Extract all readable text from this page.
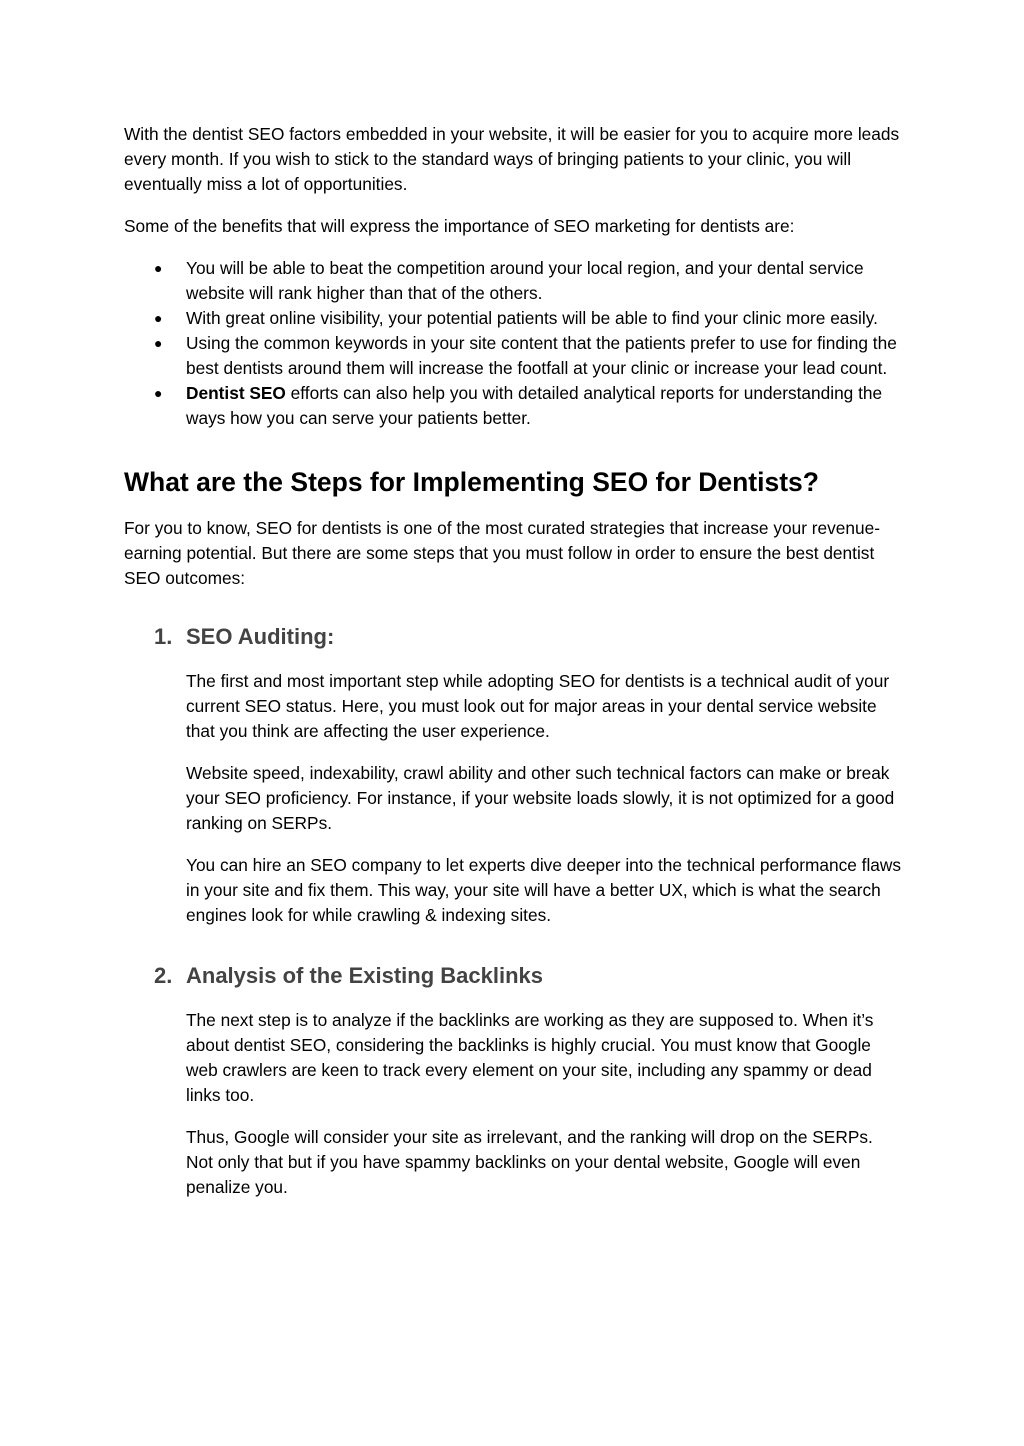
With the dentist SEO factors embedded in your website, it will be easier for you to acquire more leads every month. If you wish to stick to the standard ways of bringing patients to your clinic, you will eventually miss a lot of opportunities.

Some of the benefits that will express the importance of SEO marketing for dentists are:

● You will be able to beat the competition around your local region, and your dental service website will rank higher than that of the others.
● With great online visibility, your potential patients will be able to find your clinic more easily.
● Using the common keywords in your site content that the patients prefer to use for finding the best dentists around them will increase the footfall at your clinic or increase your lead count.
● Dentist SEO efforts can also help you with detailed analytical reports for understanding the ways how you can serve your patients better.
What are the Steps for Implementing SEO for Dentists?

For you to know, SEO for dentists is one of the most curated strategies that increase your revenue-earning potential. But there are some steps that you must follow in order to ensure the best dentist SEO outcomes:

1. SEO Auditing:

The first and most important step while adopting SEO for dentists is a technical audit of your current SEO status. Here, you must look out for major areas in your dental service website that you think are affecting the user experience.

Website speed, indexability, crawl ability and other such technical factors can make or break your SEO proficiency. For instance, if your website loads slowly, it is not optimized for a good ranking on SERPs.

You can hire an SEO company to let experts dive deeper into the technical performance flaws in your site and fix them. This way, your site will have a better UX, which is what the search engines look for while crawling & indexing sites.

2. Analysis of the Existing Backlinks

The next step is to analyze if the backlinks are working as they are supposed to. When it’s about dentist SEO, considering the backlinks is highly crucial. You must know that Google web crawlers are keen to track every element on your site, including any spammy or dead links too.

Thus, Google will consider your site as irrelevant, and the ranking will drop on the SERPs. Not only that but if you have spammy backlinks on your dental website, Google will even penalize you.
